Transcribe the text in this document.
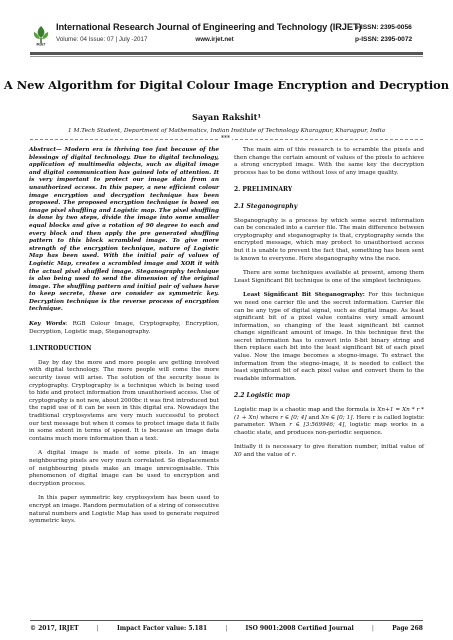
IRJET
International Research Journal of Engineering and Technology (IRJET)
Volume: 04 Issue: 07 | July -2017	www.irjet.net
e-ISSN: 2395-0056
p-ISSN: 2395-0072
A New Algorithm for Digital Colour Image Encryption and Decryption
Sayan Rakshit¹
1 M.Tech Student, Department of Mathematics, Indian Institute of Technology Kharagpur, Kharagpur, India
***

Abstract— Modern era is thriving too fast because of the blessings of digital technology. Due to digital technology, application of multimedia objects, such as digital image and digital communication has gained lots of attention. It is very important to protect our image data from an unauthorized access. In this paper, a new efficient colour image encryption and decryption technique has been proposed. The proposed encryption technique is based on image pixel shuffling and Logistic map. The pixel shuffling is done by two steps, divide the image into some smaller equal blocks and give a rotation of 90 degree to each and every block and then apply the pre generated shuffling pattern to this block scrambled image. To give more strength of the encryption technique, nature of Logistic Map has been used. With the initial pair of values of Logistic Map, creates a scrambled image and XOR it with the actual pixel shuffled image. Steganography technique is also being used to send the dimension of the original image. The shuffling pattern and initial pair of values have to keep secrete, these are consider as symmetric key. Decryption technique is the reverse process of encryption technique.

Key Words: RGB Colour Image, Cryptography, Encryption, Decryption, Logistic map, Steganography.

1.INTRODUCTION

Day by day the more and more people are getting involved with digital technology. The more people will come the more security issue will arise. The solution of the security issue is cryptography. Cryptography is a technique which is being used to hide and protect information from unauthorised access. Use of cryptography is not new, about 2000bc it was first introduced but the rapid use of it can be seen in this digital era. Nowadays the traditional cryptosystems are very much successful to protect our text message but when it comes to protect image data it fails in some extent in terms of speed. It is because an image data contains much more information than a text.

A digital image is made of some pixels. In an image neighbouring pixels are very much correlated. So displacements of neighbouring pixels make an image unrecognisable. This phenomenon of digital image can be used to encryption and decryption process.

In this paper symmetric key cryptosystem has been used to encrypt an image. Random permutation of a string of consecutive natural numbers and Logistic Map has used to generate required symmetric keys.

The main aim of this research is to scramble the pixels and then change the certain amount of values of the pixels to achieve a strong encrypted image. With the same key the decryption process has to be done without loss of any image quality.

2. PRELIMINARY
2.1 Steganography

Steganography is a process by which some secret information can be concealed into a carrier file. The main difference between cryptography and steganography is that, cryptography sends the encrypted message, which may protect to unauthorised access but it is unable to prevent the fact that, something has been sent is known to everyone. Here steganography wins the race.

There are some techniques available at present, among them Least Significant Bit technique is one of the simplest techniques.

Least Significant Bit Steganography: For this technique we need one carrier file and the secret information. Carrier file can be any type of digital signal, such as digital image. As least significant bit of a pixel value contains very small amount information, so changing of the least significant bit cannot change significant amount of image. In this technique first the secret information has to convert into 8-bit binary string and then replace each bit into the least significant bit of each pixel value. Now the image becomes a stegno-image. To extract the information from the stegno-image, it is needed to collect the least significant bit of each pixel value and convert them to the readable information.

2.2 Logistic map

Logistic map is a chaotic map and the formula is Xn+1 = Xn * r *(1 + Xn) where r ∈ [0; 4] and Xn ∈ [0; 1]. Here r is called logistic parameter. When r ∈ [3:569946; 4], logistic map works in a chaotic state, and produces non-periodic sequence.

Initially it is necessary to give iteration number, initial value of X0 and the value of r.

© 2017, IRJET	|	Impact Factor value: 5.181	|	ISO 9001:2008 Certified Journal	|	Page 268
